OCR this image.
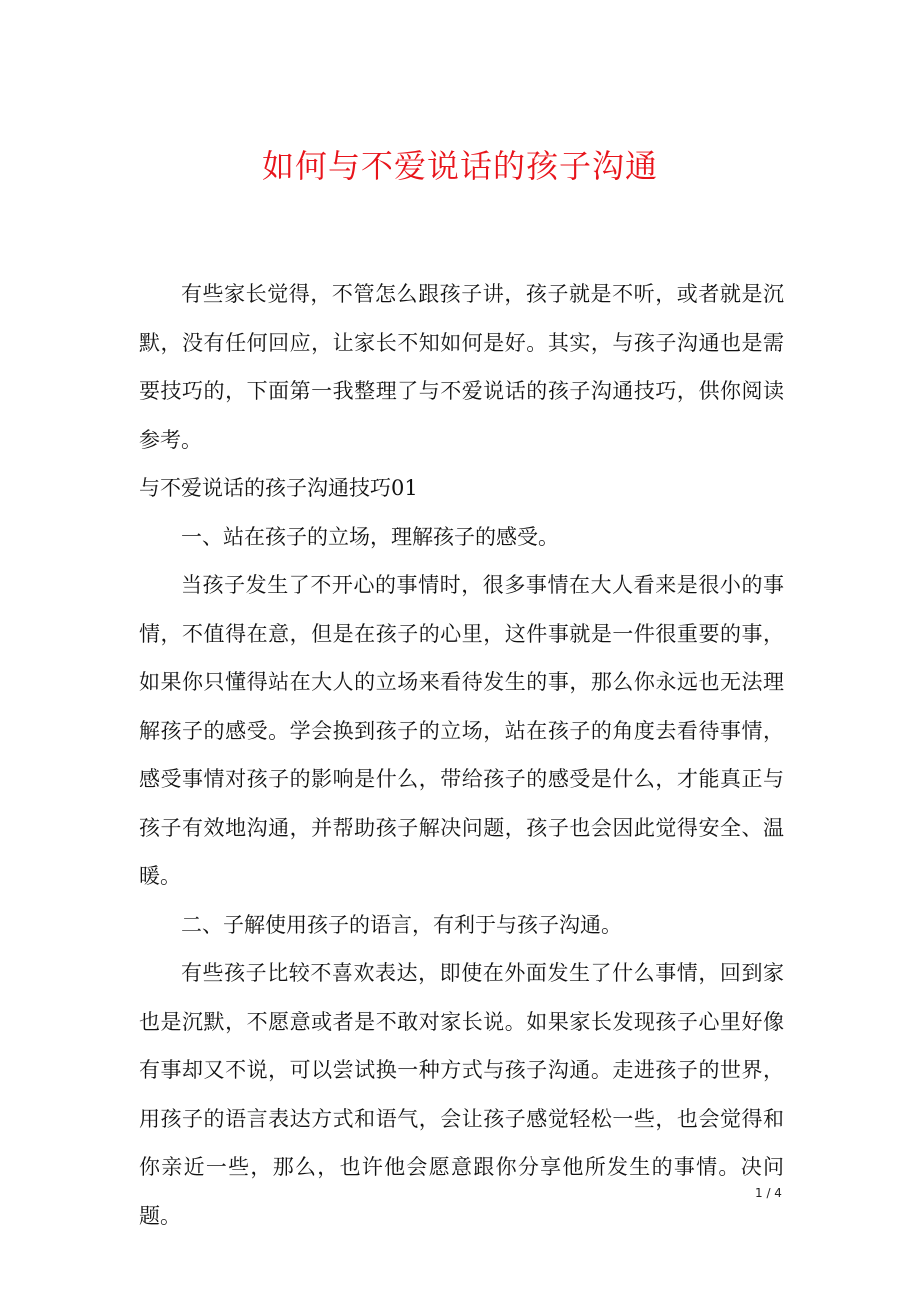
如何与不爱说话的孩子沟通

有些家长觉得，不管怎么跟孩子讲，孩子就是不听，或者就是沉默，没有任何回应，让家长不知如何是好。其实，与孩子沟通也是需要技巧的，下面第一我整理了与不爱说话的孩子沟通技巧，供你阅读参考。

与不爱说话的孩子沟通技巧01

一、站在孩子的立场，理解孩子的感受。

当孩子发生了不开心的事情时，很多事情在大人看来是很小的事情，不值得在意，但是在孩子的心里，这件事就是一件很重要的事，如果你只懂得站在大人的立场来看待发生的事，那么你永远也无法理解孩子的感受。学会换到孩子的立场，站在孩子的角度去看待事情，感受事情对孩子的影响是什么，带给孩子的感受是什么，才能真正与孩子有效地沟通，并帮助孩子解决问题，孩子也会因此觉得安全、温暖。

二、子解使用孩子的语言，有利于与孩子沟通。

有些孩子比较不喜欢表达，即使在外面发生了什么事情，回到家也是沉默，不愿意或者是不敢对家长说。如果家长发现孩子心里好像有事却又不说，可以尝试换一种方式与孩子沟通。走进孩子的世界，用孩子的语言表达方式和语气，会让孩子感觉轻松一些，也会觉得和你亲近一些，那么，也许他会愿意跟你分享他所发生的事情。决问题。

1 / 4
